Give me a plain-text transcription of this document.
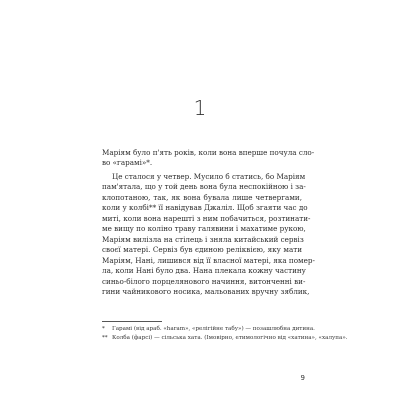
1
Маріям було п'ять років, коли вона вперше почула сло-
во «гарамі»*.
Це сталося у четвер. Мусило б статись, бо Маріям
пам'ятала, що у той день вона була неспокійною і за-
клопотаною, так, як вона бувала лише четвергами,
коли у колбі** її навідував Джаліл. Щоб згаяти час до
миті, коли вона нарешті з ним побачиться, розтинати-
ме вищу по коліно траву галявини і махатиме рукою,
Маріям вилізла на стілець і зняла китайський сервіз
своєї матері. Сервіз був єдиною реліквією, яку мати
Маріям, Нані, лишився від її власної матері, яка помер-
ла, коли Нані було два. Нана плекала кожну частину
синьо-білого порцелянового начиння, витонченні ви-
гини чайникового носика, мальованих вручну зяблик,
* Гарамі (від араб. «haram», «релігійне табу») — позашлюбна дитина.
** Колба (фарсі) — сільська хата. (Імовірно, етимологічно від «хатина», «халупа».
9
